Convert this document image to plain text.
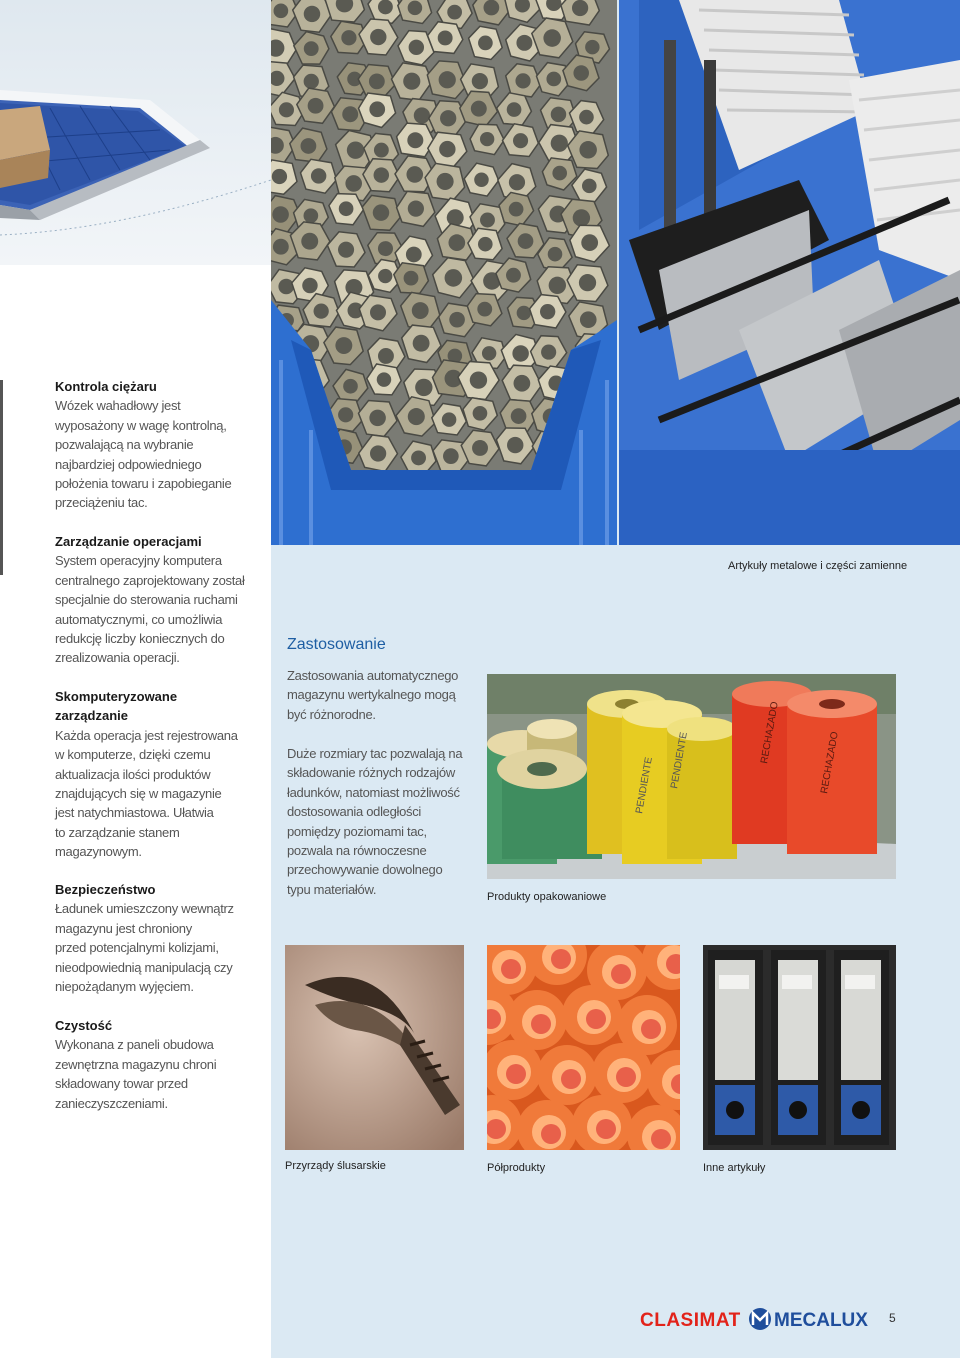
Kontrola ciężaru
Wózek wahadłowy jest
wyposażony w wagę kontrolną,
pozwalającą na wybranie
najbardziej odpowiedniego
położenia towaru i zapobieganie
przeciążeniu tac.
Zarządzanie operacjami
System operacyjny komputera
centralnego zaprojektowany został
specjalnie do sterowania ruchami
automatycznymi, co umożliwia
redukcję liczby koniecznych do
zrealizowania operacji.
Skomputeryzowane
zarządzanie
Każda operacja jest rejestrowana
w komputerze, dzięki czemu
aktualizacja ilości produktów
znajdujących się w magazynie
jest natychmiastowa. Ułatwia
to zarządzanie stanem
magazynowym.
Bezpieczeństwo
Ładunek umieszczony wewnątrz
magazynu jest chroniony
przed potencjalnymi kolizjami,
nieodpowiednią manipulacją czy
niepożądanym wyjęciem.
Czystość
Wykonana z paneli obudowa
zewnętrzna magazynu chroni
składowany towar przed
zanieczyszczeniami.
Artykuły metalowe i części zamienne
Zastosowanie
Zastosowania automatycznego
magazynu wertykalnego mogą
być różnorodne.
Duże rozmiary tac pozwalają na
składowanie różnych rodzajów
ładunków, natomiast możliwość
dostosowania odległości
pomiędzy poziomami tac,
pozwala na równoczesne
przechowywanie dowolnego
typu materiałów.
PENDIENTE
PENDIENTE
RECHAZADO	RECHAZADO
Produkty opakowaniowe
Przyrządy ślusarskie	Półprodukty	Inne artykuły
CLASIMAT MECALUX 5
